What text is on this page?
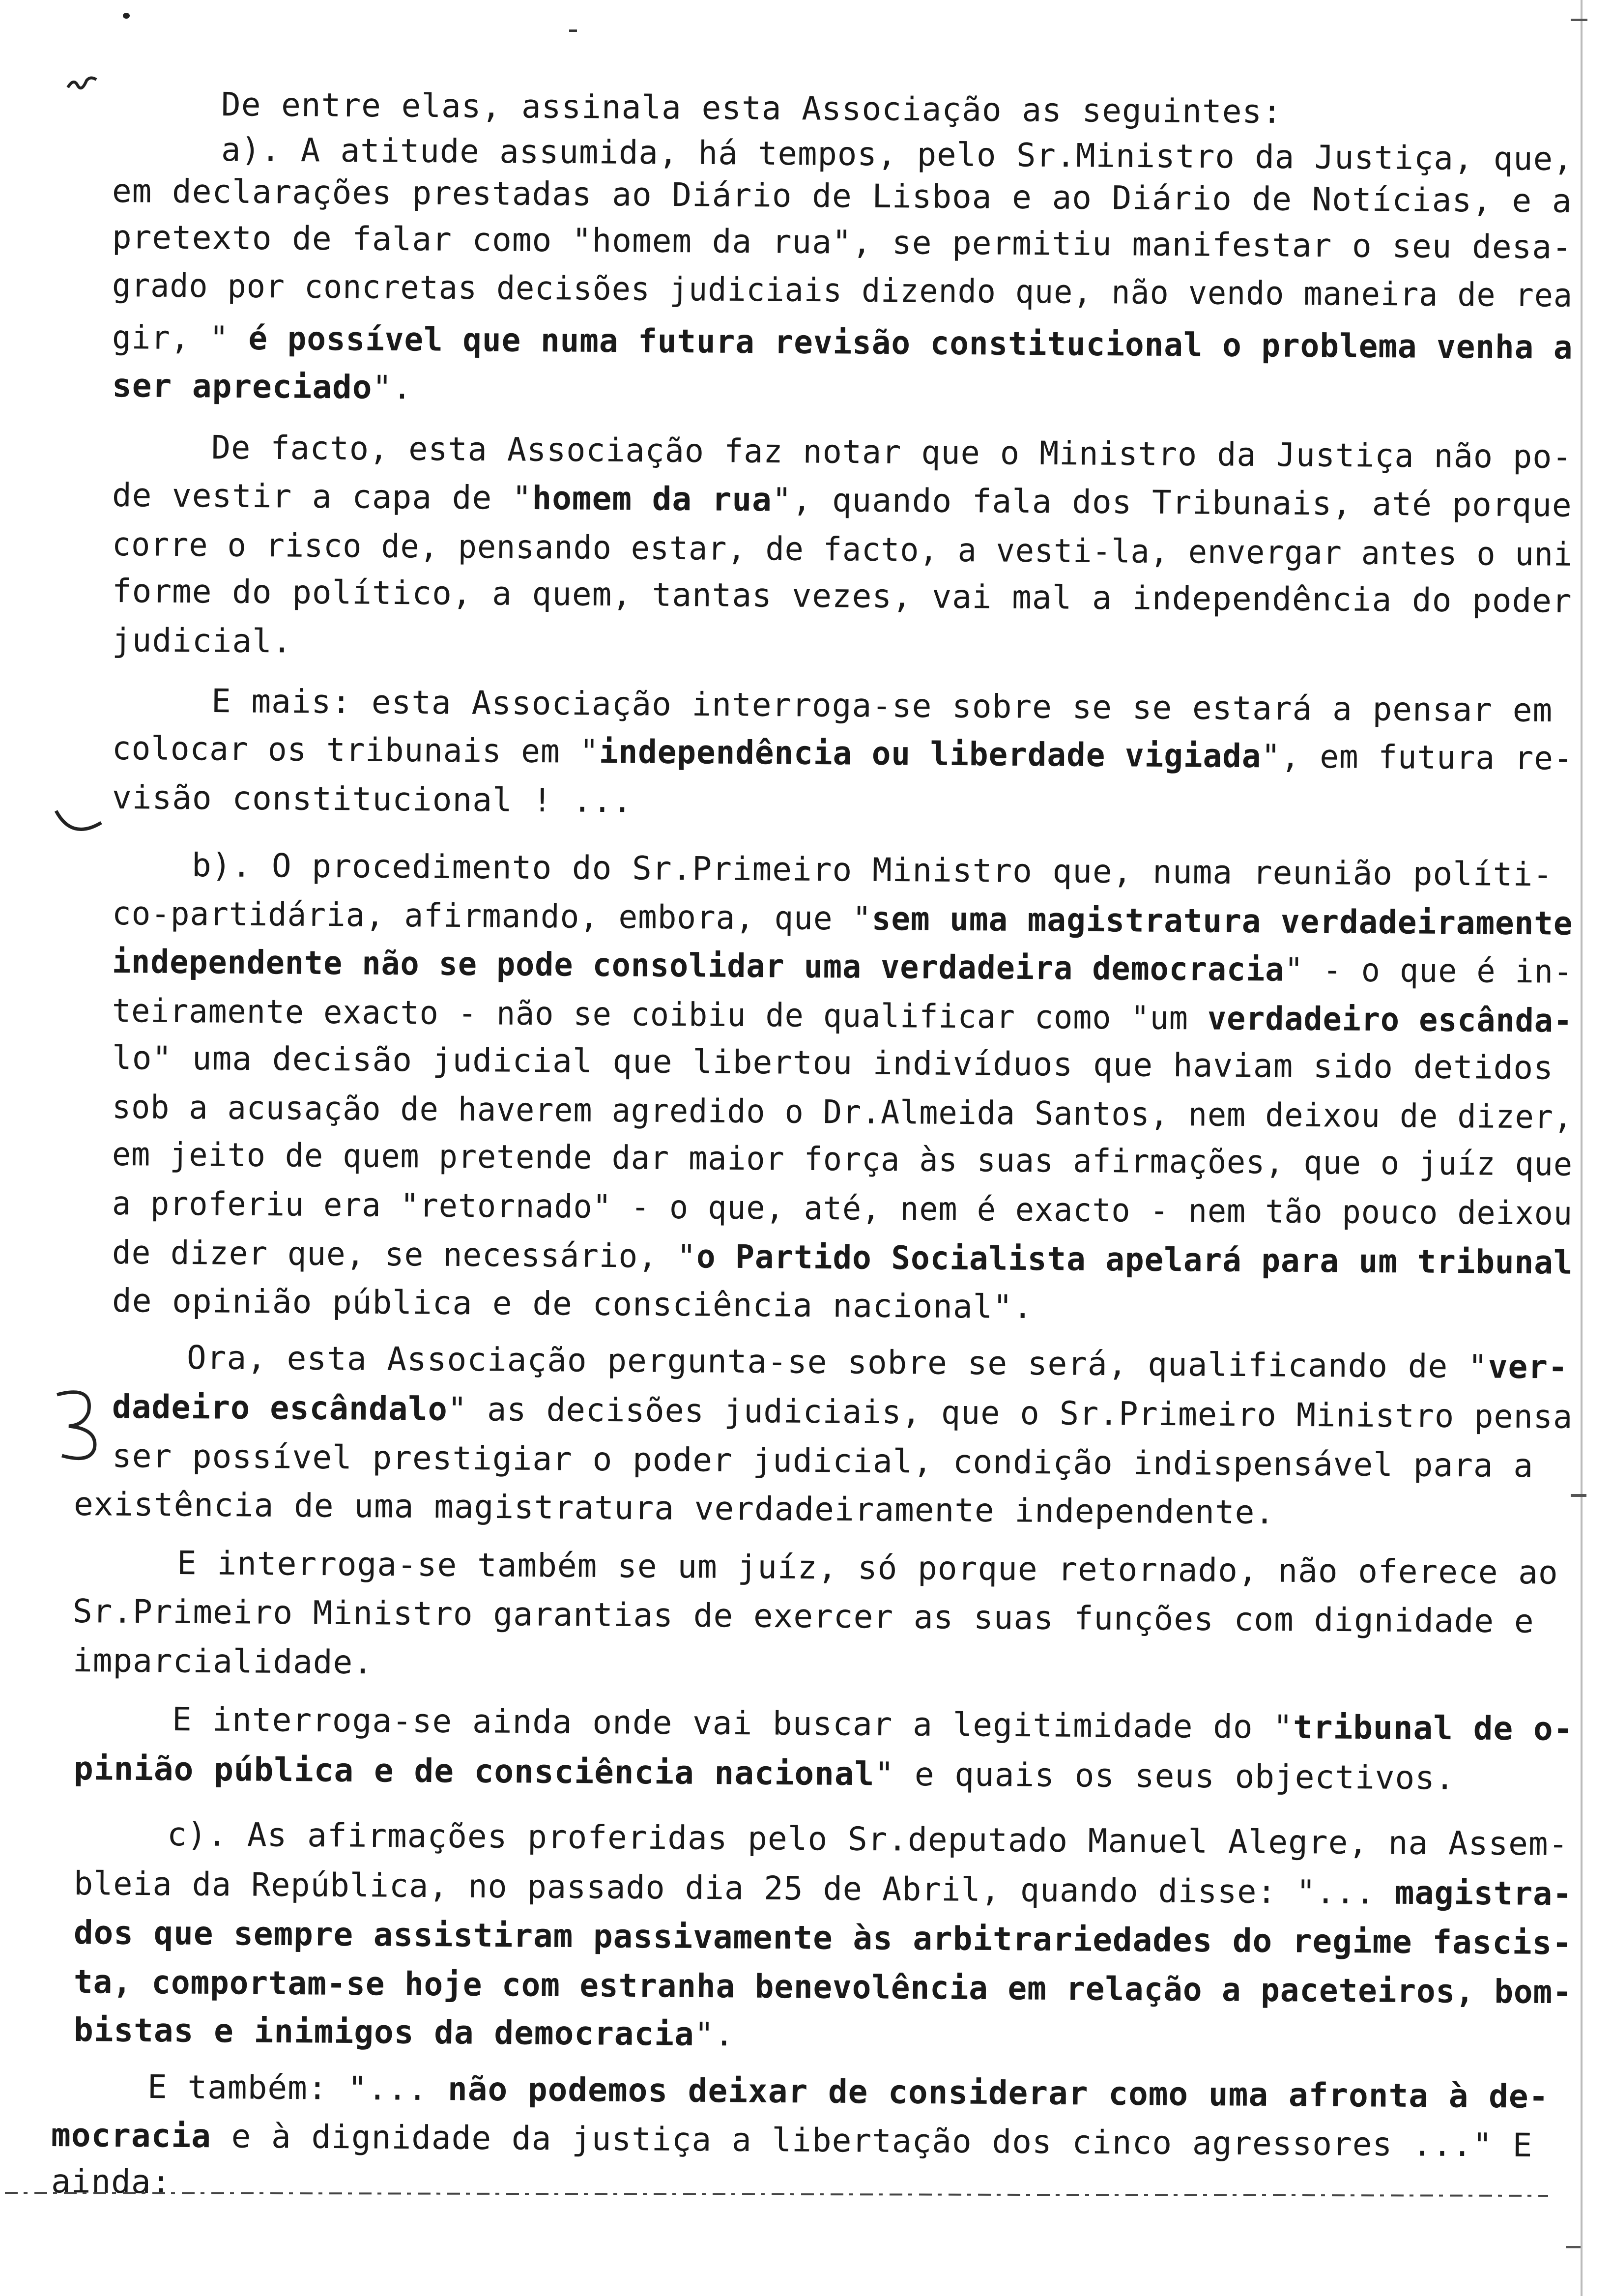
De entre elas, assinala esta Associação as seguintes:
a). A atitude assumida, há tempos, pelo Sr.Ministro da Justiça, que,
em declarações prestadas ao Diário de Lisboa e ao Diário de Notícias, e a
pretexto de falar como "homem da rua", se permitiu manifestar o seu desa-
grado por concretas decisões judiciais dizendo que, não vendo maneira de rea
gir, " é possível que numa futura revisão constitucional o problema venha a
ser apreciado".
De facto, esta Associação faz notar que o Ministro da Justiça não po-
de vestir a capa de "homem da rua", quando fala dos Tribunais, até porque
corre o risco de, pensando estar, de facto, a vesti-la, envergar antes o uni
forme do político, a quem, tantas vezes, vai mal a independência do poder
judicial.
E mais: esta Associação interroga-se sobre se se estará a pensar em
colocar os tribunais em "independência ou liberdade vigiada", em futura re-
visão constitucional ! ...
b). O procedimento do Sr.Primeiro Ministro que, numa reunião políti-
co-partidária, afirmando, embora, que "sem uma magistratura verdadeiramente
independente não se pode consolidar uma verdadeira democracia" - o que é in-
teiramente exacto - não se coibiu de qualificar como "um verdadeiro escânda-
lo" uma decisão judicial que libertou indivíduos que haviam sido detidos
sob a acusação de haverem agredido o Dr.Almeida Santos, nem deixou de dizer,
em jeito de quem pretende dar maior força às suas afirmações, que o juíz que
a proferiu era "retornado" - o que, até, nem é exacto - nem tão pouco deixou
de dizer que, se necessário, "o Partido Socialista apelará para um tribunal
de opinião pública e de consciência nacional".
Ora, esta Associação pergunta-se sobre se será, qualificando de "ver-
dadeiro escândalo" as decisões judiciais, que o Sr.Primeiro Ministro pensa
ser possível prestigiar o poder judicial, condição indispensável para a
existência de uma magistratura verdadeiramente independente.
E interroga-se também se um juíz, só porque retornado, não oferece ao
Sr.Primeiro Ministro garantias de exercer as suas funções com dignidade e
imparcialidade.
E interroga-se ainda onde vai buscar a legitimidade do "tribunal de o-
pinião pública e de consciência nacional" e quais os seus objectivos.
c). As afirmações proferidas pelo Sr.deputado Manuel Alegre, na Assem-
bleia da República, no passado dia 25 de Abril, quando disse: "... magistra-
dos que sempre assistiram passivamente às arbitrariedades do regime fascis-
ta, comportam-se hoje com estranha benevolência em relação a paceteiros, bom-
bistas e inimigos da democracia".
E também: "... não podemos deixar de considerar como uma afronta à de-
mocracia e à dignidade da justiça a libertação dos cinco agressores ..." E
ainda:
